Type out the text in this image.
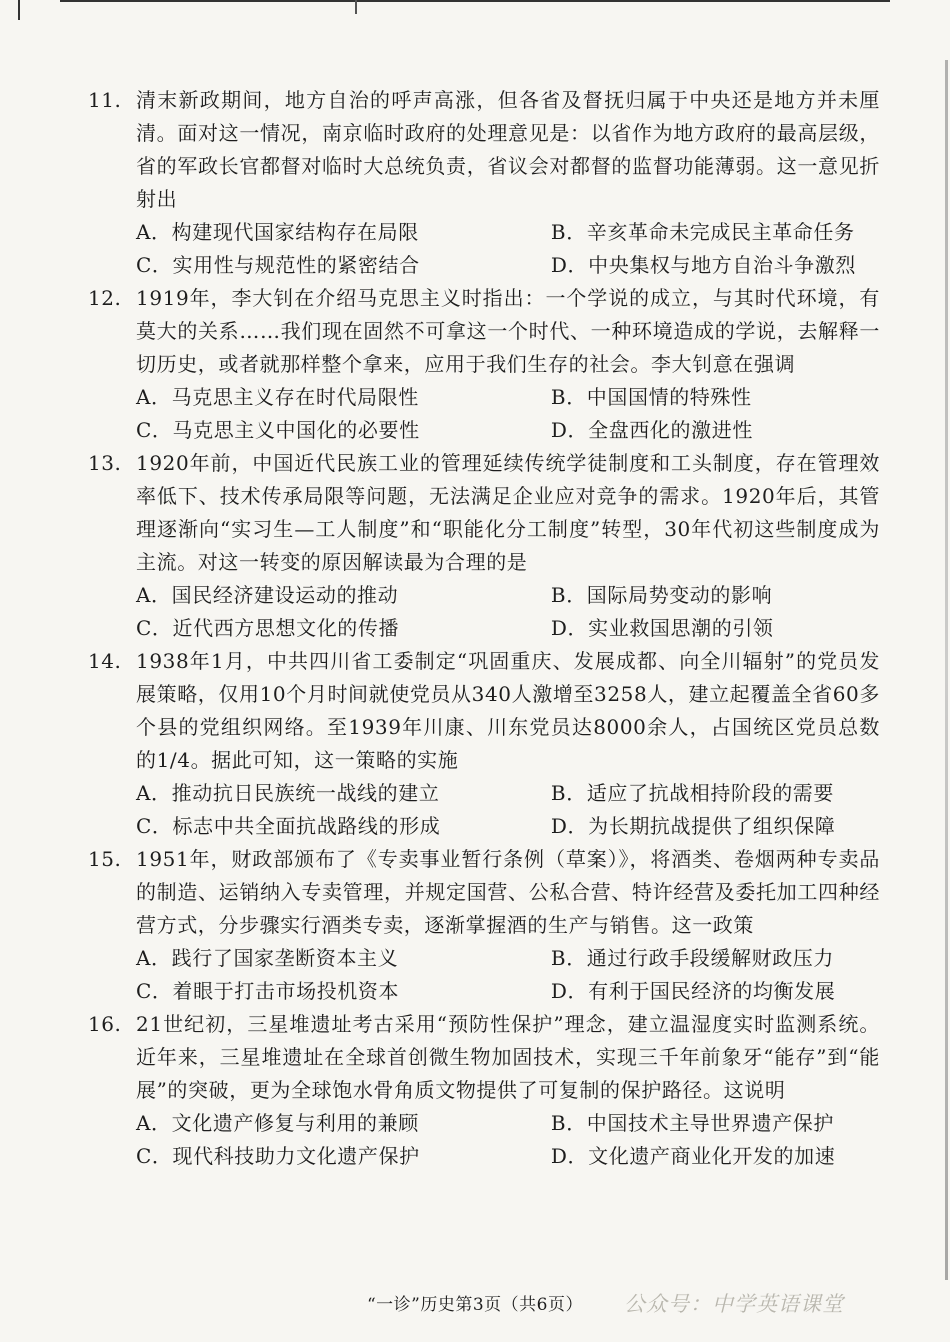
11. 清末新政期间，地方自治的呼声高涨，但各省及督抚归属于中央还是地方并未厘清。面对这一情况，南京临时政府的处理意见是：以省作为地方政府的最高层级，省的军政长官都督对临时大总统负责，省议会对都督的监督功能薄弱。这一意见折射出
A．构建现代国家结构存在局限	B．辛亥革命未完成民主革命任务
C．实用性与规范性的紧密结合	D．中央集权与地方自治斗争激烈
12. 1919年，李大钊在介绍马克思主义时指出：一个学说的成立，与其时代环境，有莫大的关系……我们现在固然不可拿这一个时代、一种环境造成的学说，去解释一切历史，或者就那样整个拿来，应用于我们生存的社会。李大钊意在强调
A．马克思主义存在时代局限性	B．中国国情的特殊性
C．马克思主义中国化的必要性	D．全盘西化的激进性
13. 1920年前，中国近代民族工业的管理延续传统学徒制度和工头制度，存在管理效率低下、技术传承局限等问题，无法满足企业应对竞争的需求。1920年后，其管理逐渐向“实习生—工人制度”和“职能化分工制度”转型，30年代初这些制度成为主流。对这一转变的原因解读最为合理的是
A．国民经济建设运动的推动	B．国际局势变动的影响
C．近代西方思想文化的传播	D．实业救国思潮的引领
14. 1938年1月，中共四川省工委制定“巩固重庆、发展成都、向全川辐射”的党员发展策略，仅用10个月时间就使党员从340人激增至3258人，建立起覆盖全省60多个县的党组织网络。至1939年川康、川东党员达8000余人，占国统区党员总数的1/4。据此可知，这一策略的实施
A．推动抗日民族统一战线的建立	B．适应了抗战相持阶段的需要
C．标志中共全面抗战路线的形成	D．为长期抗战提供了组织保障
15. 1951年，财政部颁布了《专卖事业暂行条例（草案）》，将酒类、卷烟两种专卖品的制造、运销纳入专卖管理，并规定国营、公私合营、特许经营及委托加工四种经营方式，分步骤实行酒类专卖，逐渐掌握酒的生产与销售。这一政策
A．践行了国家垄断资本主义	B．通过行政手段缓解财政压力
C．着眼于打击市场投机资本	D．有利于国民经济的均衡发展
16. 21世纪初，三星堆遗址考古采用“预防性保护”理念，建立温湿度实时监测系统。近年来，三星堆遗址在全球首创微生物加固技术，实现三千年前象牙“能存”到“能展”的突破，更为全球饱水骨角质文物提供了可复制的保护路径。这说明
A．文化遗产修复与利用的兼顾	B．中国技术主导世界遗产保护
C．现代科技助力文化遗产保护	D．文化遗产商业化开发的加速
“一诊”历史第3页（共6页）	公众号：中学英语课堂
